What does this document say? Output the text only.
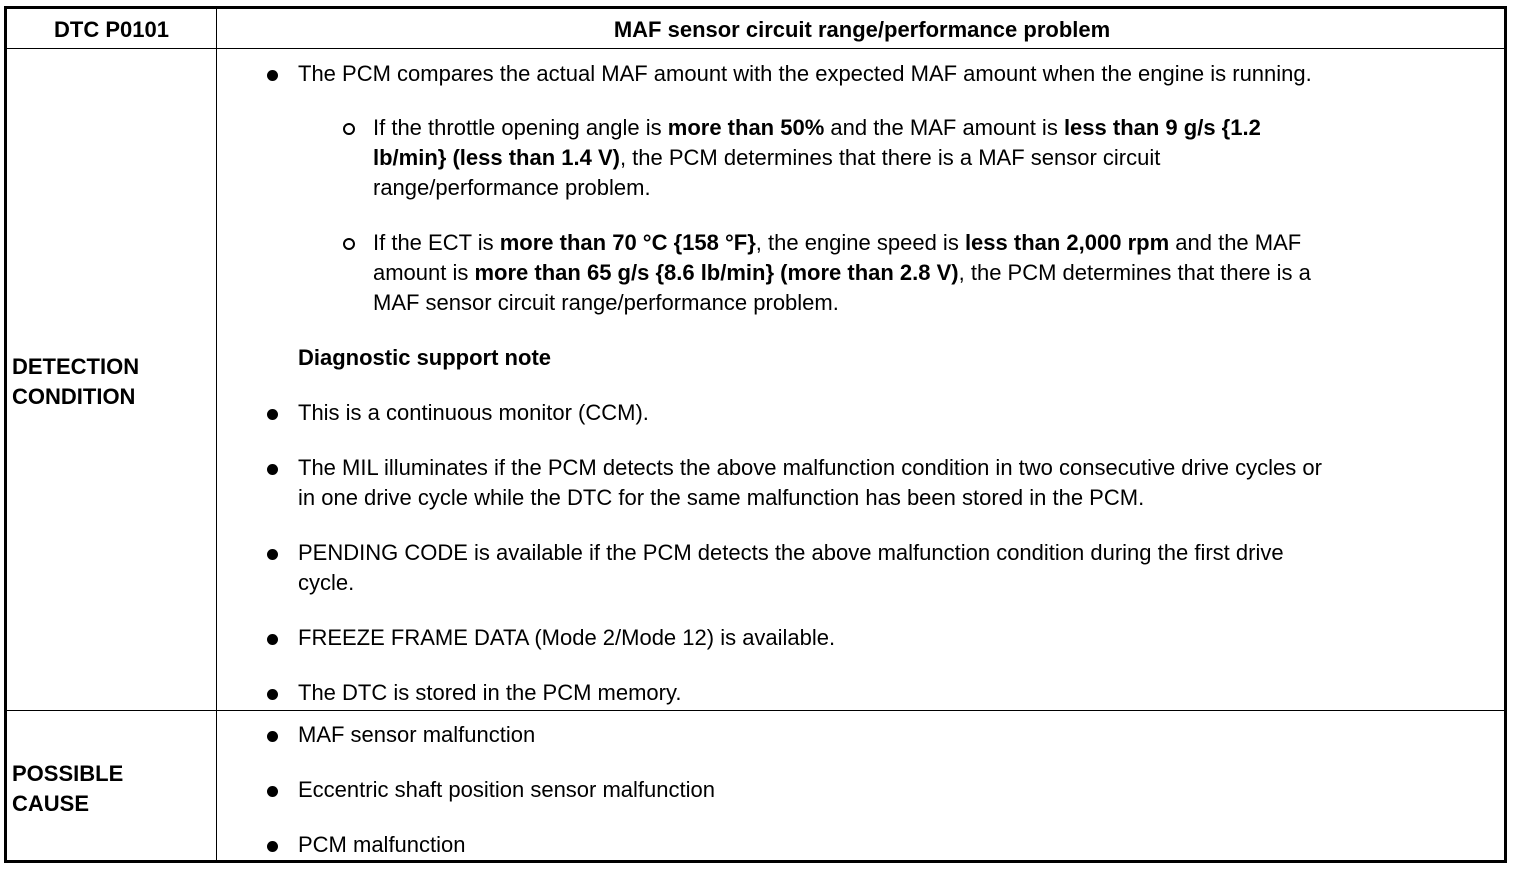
DTC P0101	MAF sensor circuit range/performance problem
DETECTION
CONDITION
The PCM compares the actual MAF amount with the expected MAF amount when the engine is running.
If the throttle opening angle is more than 50% and the MAF amount is less than 9 g/s {1.2
lb/min} (less than 1.4 V), the PCM determines that there is a MAF sensor circuit
range/performance problem.
If the ECT is more than 70 °C {158 °F}, the engine speed is less than 2,000 rpm and the MAF
amount is more than 65 g/s {8.6 lb/min} (more than 2.8 V), the PCM determines that there is a
MAF sensor circuit range/performance problem.
Diagnostic support note
This is a continuous monitor (CCM).
The MIL illuminates if the PCM detects the above malfunction condition in two consecutive drive cycles or
in one drive cycle while the DTC for the same malfunction has been stored in the PCM.
PENDING CODE is available if the PCM detects the above malfunction condition during the first drive
cycle.
FREEZE FRAME DATA (Mode 2/Mode 12) is available.
The DTC is stored in the PCM memory.
POSSIBLE
CAUSE
MAF sensor malfunction
Eccentric shaft position sensor malfunction
PCM malfunction
